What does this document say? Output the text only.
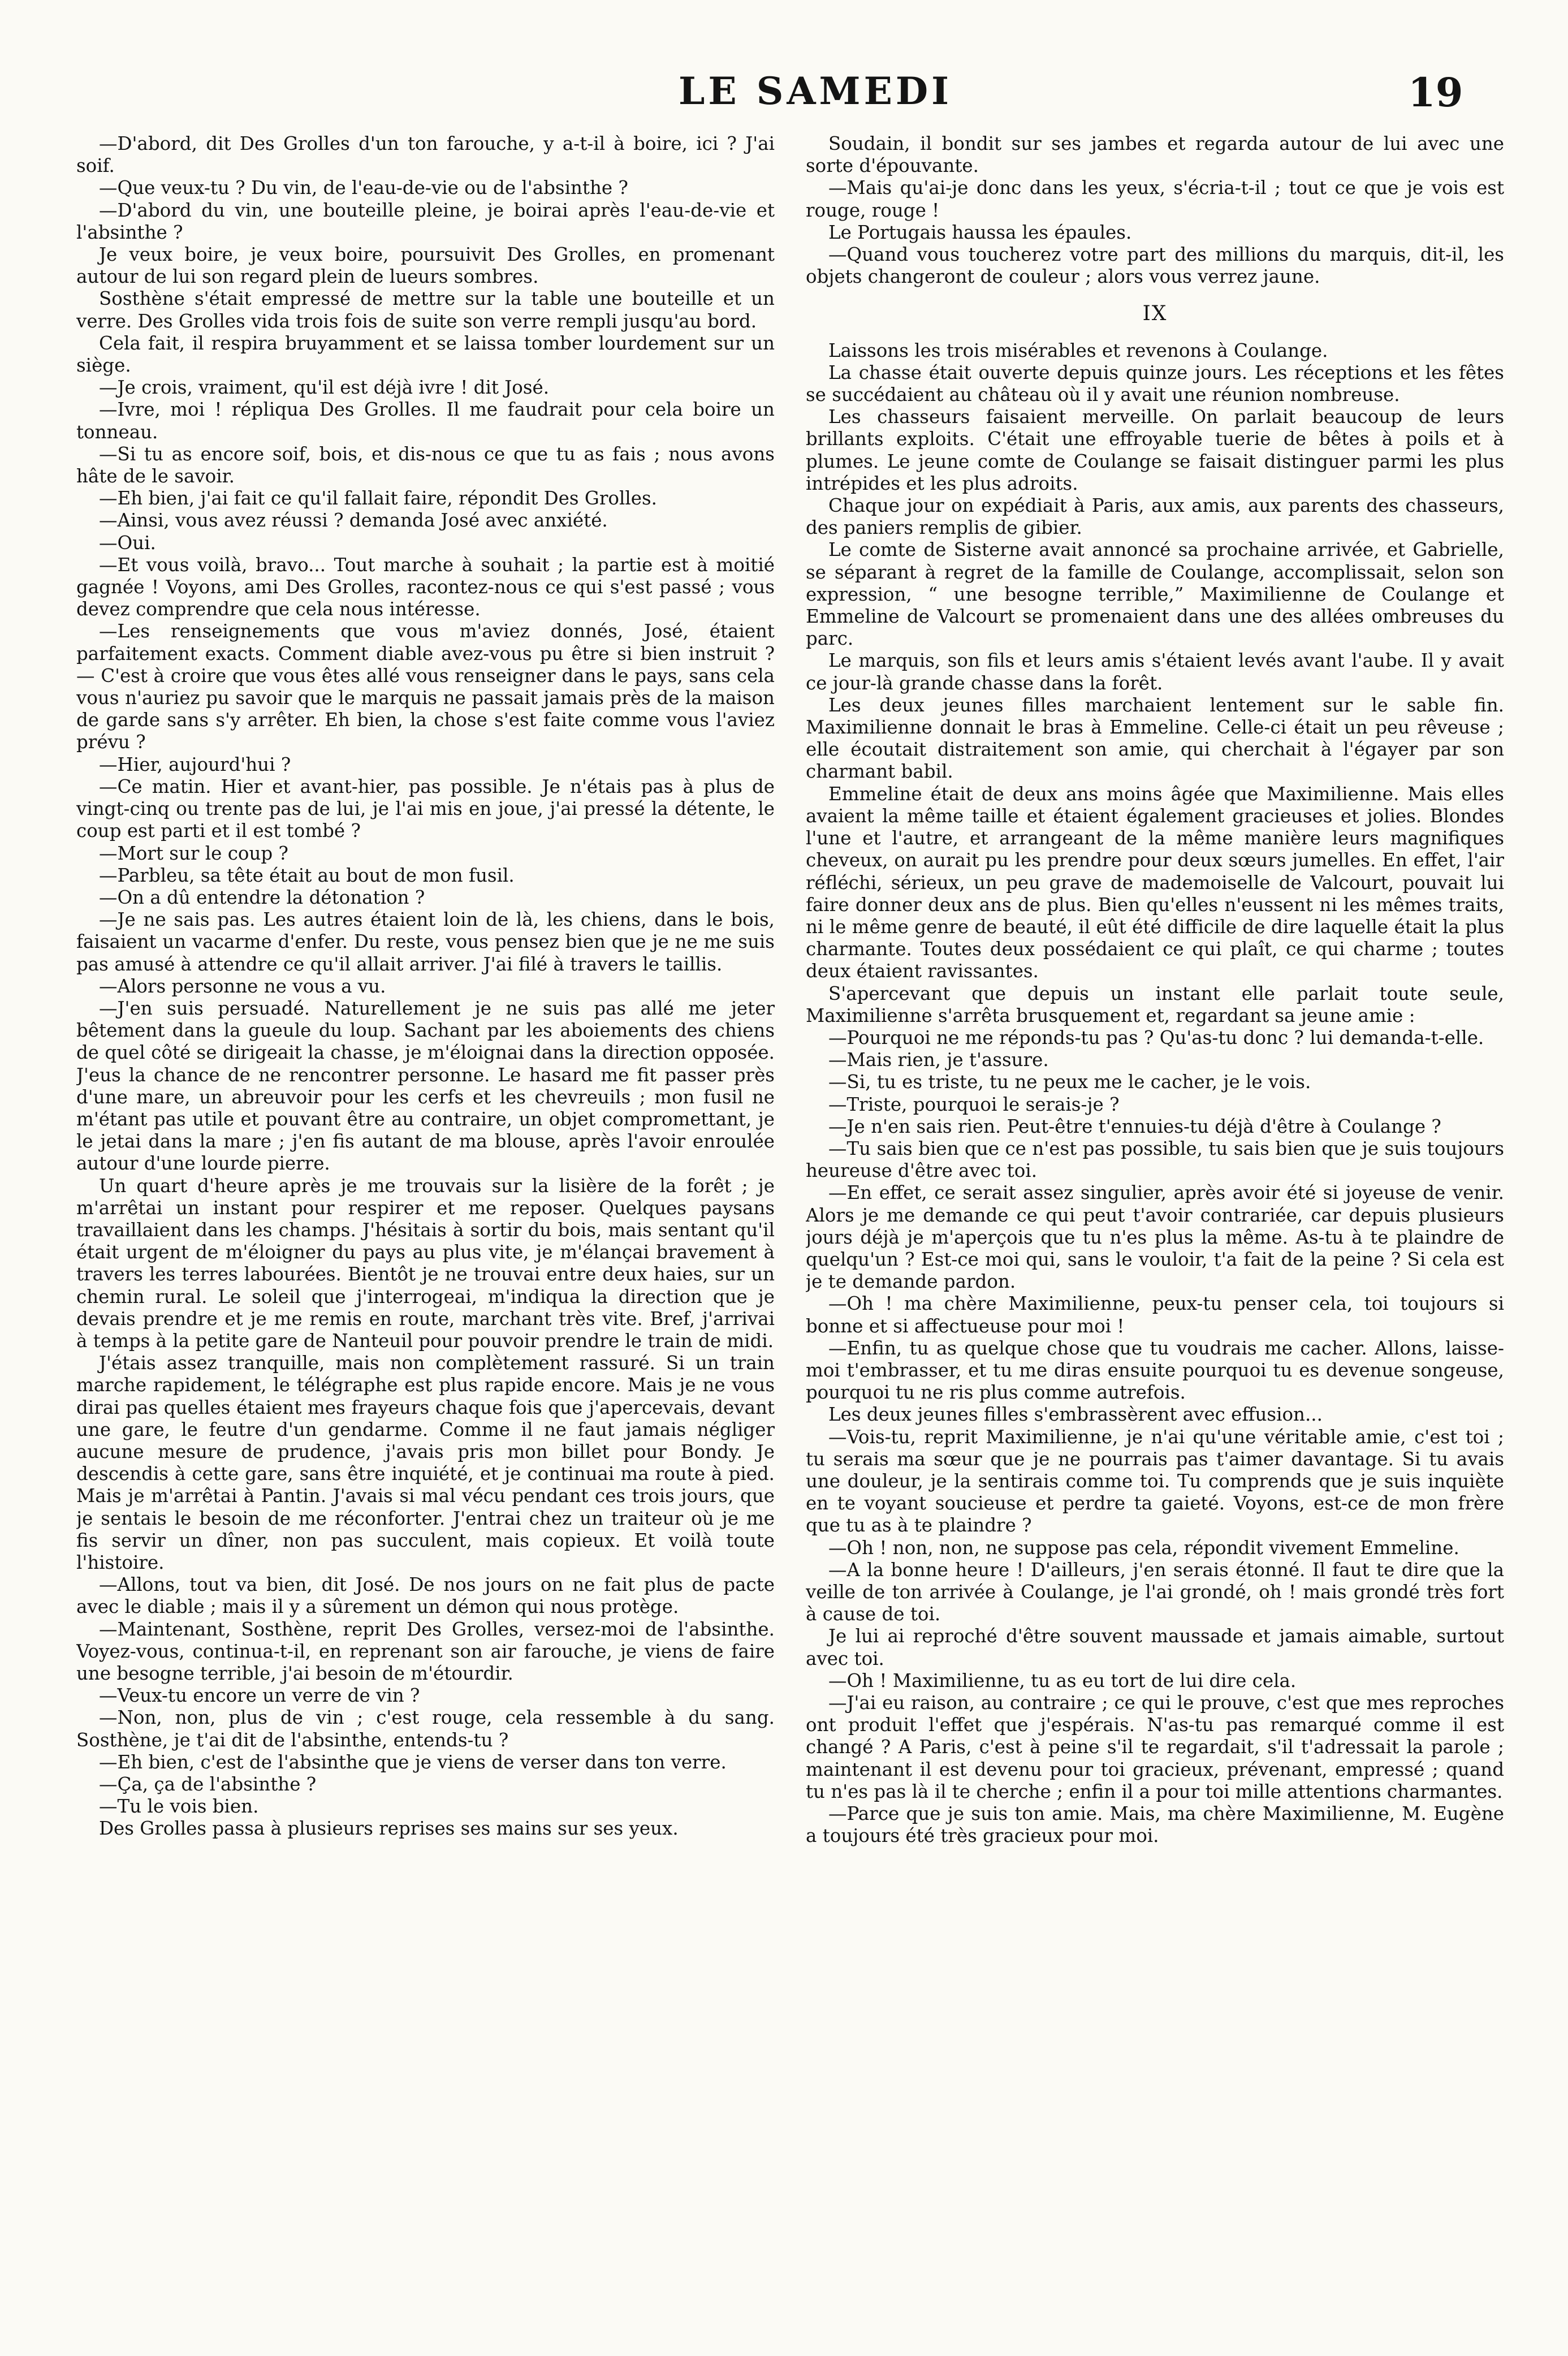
LE SAMEDI	19

—D'abord, dit Des Grolles d'un ton farouche, y a-t-il à boire, ici ? J'ai soif.

—Que veux-tu ? Du vin, de l'eau-de-vie ou de l'absinthe ?

—D'abord du vin, une bouteille pleine, je boirai après l'eau-de-vie et l'absinthe ?

Je veux boire, je veux boire, poursuivit Des Grolles, en promenant autour de lui son regard plein de lueurs sombres.

Sosthène s'était empressé de mettre sur la table une bouteille et un verre. Des Grolles vida trois fois de suite son verre rempli jusqu'au bord.

Cela fait, il respira bruyamment et se laissa tomber lourdement sur un siège.

—Je crois, vraiment, qu'il est déjà ivre ! dit José.

—Ivre, moi ! répliqua Des Grolles. Il me faudrait pour cela boire un tonneau.

—Si tu as encore soif, bois, et dis-nous ce que tu as fais ; nous avons hâte de le savoir.

—Eh bien, j'ai fait ce qu'il fallait faire, répondit Des Grolles.

—Ainsi, vous avez réussi ? demanda José avec anxiété.

—Oui.

—Et vous voilà, bravo... Tout marche à souhait ; la partie est à moitié gagnée ! Voyons, ami Des Grolles, racontez-nous ce qui s'est passé ; vous devez comprendre que cela nous intéresse.

—Les renseignements que vous m'aviez donnés, José, étaient parfaitement exacts. Comment diable avez-vous pu être si bien instruit ? — C'est à croire que vous êtes allé vous renseigner dans le pays, sans cela vous n'auriez pu savoir que le marquis ne passait jamais près de la maison de garde sans s'y arrêter. Eh bien, la chose s'est faite comme vous l'aviez prévu ?

—Hier, aujourd'hui ?

—Ce matin. Hier et avant-hier, pas possible. Je n'étais pas à plus de vingt-cinq ou trente pas de lui, je l'ai mis en joue, j'ai pressé la détente, le coup est parti et il est tombé ?

—Mort sur le coup ?

—Parbleu, sa tête était au bout de mon fusil.

—On a dû entendre la détonation ?

—Je ne sais pas. Les autres étaient loin de là, les chiens, dans le bois, faisaient un vacarme d'enfer. Du reste, vous pensez bien que je ne me suis pas amusé à attendre ce qu'il allait arriver. J'ai filé à travers le taillis.

—Alors personne ne vous a vu.

—J'en suis persuadé. Naturellement je ne suis pas allé me jeter bêtement dans la gueule du loup. Sachant par les aboiements des chiens de quel côté se dirigeait la chasse, je m'éloignai dans la direction opposée. J'eus la chance de ne rencontrer personne. Le hasard me fit passer près d'une mare, un abreuvoir pour les cerfs et les chevreuils ; mon fusil ne m'étant pas utile et pouvant être au contraire, un objet compromettant, je le jetai dans la mare ; j'en fis autant de ma blouse, après l'avoir enroulée autour d'une lourde pierre.

Un quart d'heure après je me trouvais sur la lisière de la forêt ; je m'arrêtai un instant pour respirer et me reposer. Quelques paysans travaillaient dans les champs. J'hésitais à sortir du bois, mais sentant qu'il était urgent de m'éloigner du pays au plus vite, je m'élançai bravement à travers les terres labourées. Bientôt je ne trouvai entre deux haies, sur un chemin rural. Le soleil que j'interrogeai, m'indiqua la direction que je devais prendre et je me remis en route, marchant très vite. Bref, j'arrivai à temps à la petite gare de Nanteuil pour pouvoir prendre le train de midi.

J'étais assez tranquille, mais non complètement rassuré. Si un train marche rapidement, le télégraphe est plus rapide encore. Mais je ne vous dirai pas quelles étaient mes frayeurs chaque fois que j'apercevais, devant une gare, le feutre d'un gendarme. Comme il ne faut jamais négliger aucune mesure de prudence, j'avais pris mon billet pour Bondy. Je descendis à cette gare, sans être inquiété, et je continuai ma route à pied. Mais je m'arrêtai à Pantin. J'avais si mal vécu pendant ces trois jours, que je sentais le besoin de me réconforter. J'entrai chez un traiteur où je me fis servir un dîner, non pas succulent, mais copieux. Et voilà toute l'histoire.

—Allons, tout va bien, dit José. De nos jours on ne fait plus de pacte avec le diable ; mais il y a sûrement un démon qui nous protège.

—Maintenant, Sosthène, reprit Des Grolles, versez-moi de l'absinthe. Voyez-vous, continua-t-il, en reprenant son air farouche, je viens de faire une besogne terrible, j'ai besoin de m'étourdir.

—Veux-tu encore un verre de vin ?

—Non, non, plus de vin ; c'est rouge, cela ressemble à du sang. Sosthène, je t'ai dit de l'absinthe, entends-tu ?

—Eh bien, c'est de l'absinthe que je viens de verser dans ton verre.

—Ça, ça de l'absinthe ?

—Tu le vois bien.

Des Grolles passa à plusieurs reprises ses mains sur ses yeux.

Soudain, il bondit sur ses jambes et regarda autour de lui avec une sorte d'épouvante.

—Mais qu'ai-je donc dans les yeux, s'écria-t-il ; tout ce que je vois est rouge, rouge !

Le Portugais haussa les épaules.

—Quand vous toucherez votre part des millions du marquis, dit-il, les objets changeront de couleur ; alors vous verrez jaune.

IX

Laissons les trois misérables et revenons à Coulange.

La chasse était ouverte depuis quinze jours. Les réceptions et les fêtes se succédaient au château où il y avait une réunion nombreuse.

Les chasseurs faisaient merveille. On parlait beaucoup de leurs brillants exploits. C'était une effroyable tuerie de bêtes à poils et à plumes. Le jeune comte de Coulange se faisait distinguer parmi les plus intrépides et les plus adroits.

Chaque jour on expédiait à Paris, aux amis, aux parents des chasseurs, des paniers remplis de gibier.

Le comte de Sisterne avait annoncé sa prochaine arrivée, et Gabrielle, se séparant à regret de la famille de Coulange, accomplissait, selon son expression, “ une besogne terrible,” Maximilienne de Coulange et Emmeline de Valcourt se promenaient dans une des allées ombreuses du parc.

Le marquis, son fils et leurs amis s'étaient levés avant l'aube. Il y avait ce jour-là grande chasse dans la forêt.

Les deux jeunes filles marchaient lentement sur le sable fin. Maximilienne donnait le bras à Emmeline. Celle-ci était un peu rêveuse ; elle écoutait distraitement son amie, qui cherchait à l'égayer par son charmant babil.

Emmeline était de deux ans moins âgée que Maximilienne. Mais elles avaient la même taille et étaient également gracieuses et jolies. Blondes l'une et l'autre, et arrangeant de la même manière leurs magnifiques cheveux, on aurait pu les prendre pour deux sœurs jumelles. En effet, l'air réfléchi, sérieux, un peu grave de mademoiselle de Valcourt, pouvait lui faire donner deux ans de plus. Bien qu'elles n'eussent ni les mêmes traits, ni le même genre de beauté, il eût été difficile de dire laquelle était la plus charmante. Toutes deux possédaient ce qui plaît, ce qui charme ; toutes deux étaient ravissantes.

S'apercevant que depuis un instant elle parlait toute seule, Maximilienne s'arrêta brusquement et, regardant sa jeune amie :

—Pourquoi ne me réponds-tu pas ? Qu'as-tu donc ? lui demanda-t-elle.

—Mais rien, je t'assure.

—Si, tu es triste, tu ne peux me le cacher, je le vois.

—Triste, pourquoi le serais-je ?

—Je n'en sais rien. Peut-être t'ennuies-tu déjà d'être à Coulange ?

—Tu sais bien que ce n'est pas possible, tu sais bien que je suis toujours heureuse d'être avec toi.

—En effet, ce serait assez singulier, après avoir été si joyeuse de venir. Alors je me demande ce qui peut t'avoir contrariée, car depuis plusieurs jours déjà je m'aperçois que tu n'es plus la même. As-tu à te plaindre de quelqu'un ? Est-ce moi qui, sans le vouloir, t'a fait de la peine ? Si cela est je te demande pardon.

—Oh ! ma chère Maximilienne, peux-tu penser cela, toi toujours si bonne et si affectueuse pour moi !

—Enfin, tu as quelque chose que tu voudrais me cacher. Allons, laisse-moi t'embrasser, et tu me diras ensuite pourquoi tu es devenue songeuse, pourquoi tu ne ris plus comme autrefois.

Les deux jeunes filles s'embrassèrent avec effusion...

—Vois-tu, reprit Maximilienne, je n'ai qu'une véritable amie, c'est toi ; tu serais ma sœur que je ne pourrais pas t'aimer davantage. Si tu avais une douleur, je la sentirais comme toi. Tu comprends que je suis inquiète en te voyant soucieuse et perdre ta gaieté. Voyons, est-ce de mon frère que tu as à te plaindre ?

—Oh ! non, non, ne suppose pas cela, répondit vivement Emmeline.

—A la bonne heure ! D'ailleurs, j'en serais étonné. Il faut te dire que la veille de ton arrivée à Coulange, je l'ai grondé, oh ! mais grondé très fort à cause de toi.

Je lui ai reproché d'être souvent maussade et jamais aimable, surtout avec toi.

—Oh ! Maximilienne, tu as eu tort de lui dire cela.

—J'ai eu raison, au contraire ; ce qui le prouve, c'est que mes reproches ont produit l'effet que j'espérais. N'as-tu pas remarqué comme il est changé ? A Paris, c'est à peine s'il te regardait, s'il t'adressait la parole ; maintenant il est devenu pour toi gracieux, prévenant, empressé ; quand tu n'es pas là il te cherche ; enfin il a pour toi mille attentions charmantes.

—Parce que je suis ton amie. Mais, ma chère Maximilienne, M. Eugène a toujours été très gracieux pour moi.
